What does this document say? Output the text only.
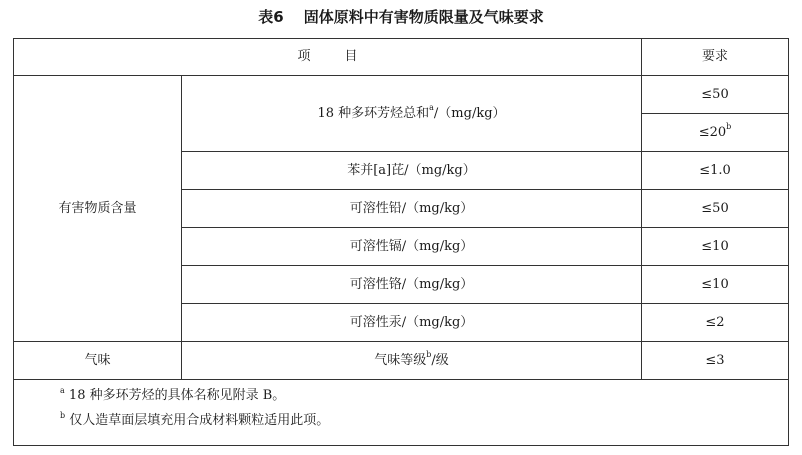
表6 固体原料中有害物质限量及气味要求
项 目		要求
有害物质含量	18 种多环芳烃总和$^a$/（mg/kg）	≤50
		$\le 20^b$
	苯并[a]芘/（mg/kg）	≤1.0
	可溶性铅/（mg/kg）	≤50
	可溶性镉/（mg/kg）	≤10
	可溶性铬/（mg/kg）	≤10
	可溶性汞/（mg/kg）	≤2
气味	气味等级$^b$/级	≤3

$^a$ 18 种多环芳烃的具体名称见附录 B。
$^b$ 仅人造草面层填充用合成材料颗粒适用此项。		
